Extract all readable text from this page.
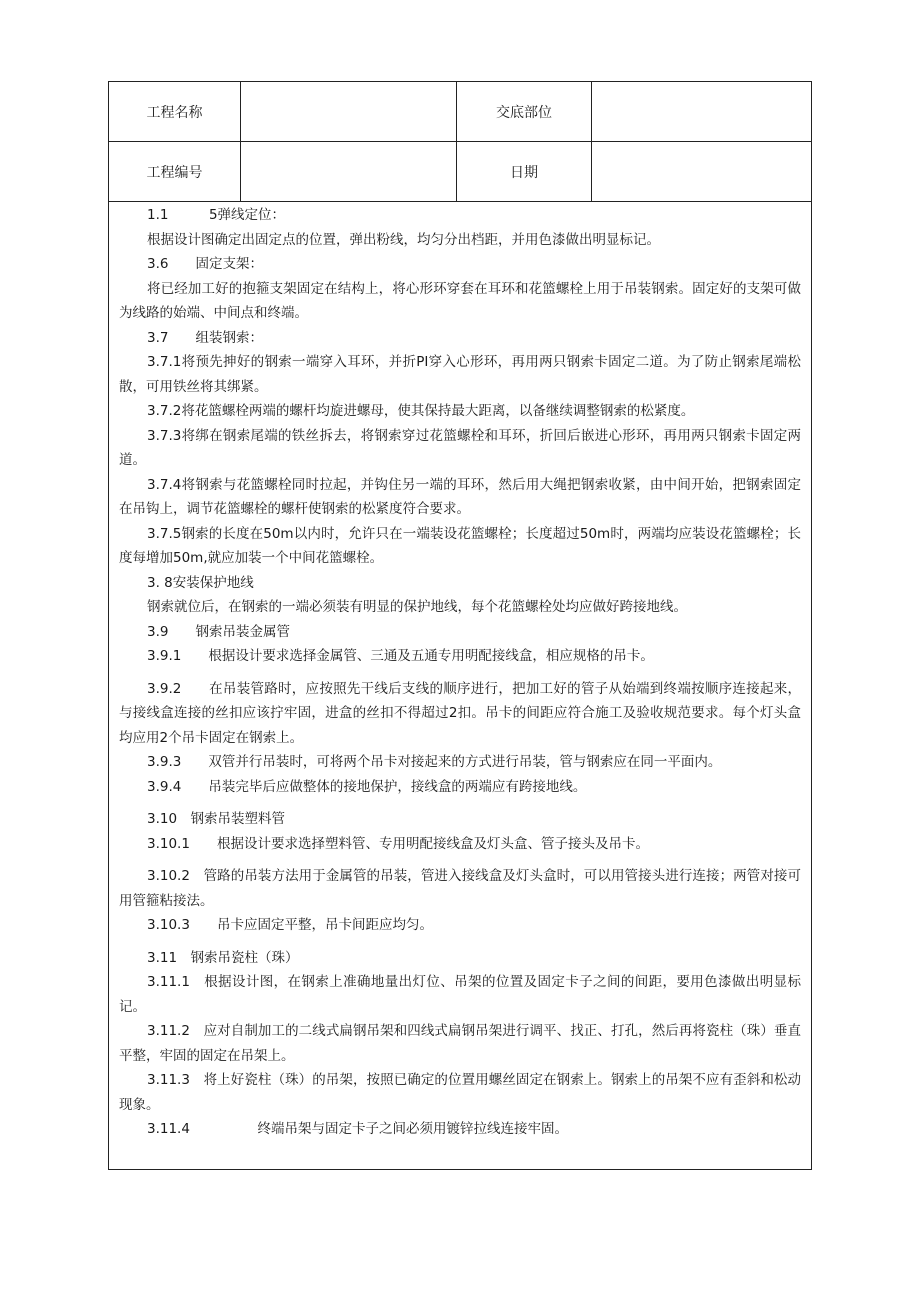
工程名称	交底部位
工程编号	日期

1.1　　　5弹线定位：

根据设计图确定出固定点的位置，弹出粉线，均匀分出档距，并用色漆做出明显标记。

3.6　　固定支架：

将已经加工好的抱箍支架固定在结构上，将心形环穿套在耳环和花篮螺栓上用于吊装钢索。固定好的支架可做为线路的始端、中间点和终端。

3.7　　组装钢索：

3.7.1将预先抻好的钢索一端穿入耳环，并折PI穿入心形环，再用两只钢索卡固定二道。为了防止钢索尾端松散，可用铁丝将其绑紧。

3.7.2将花篮螺栓两端的螺杆均旋进螺母，使其保持最大距离，以备继续调整钢索的松紧度。

3.7.3将绑在钢索尾端的铁丝拆去，将钢索穿过花篮螺栓和耳环，折回后嵌进心形环，再用两只钢索卡固定两道。

3.7.4将钢索与花篮螺栓同时拉起，并钩住另一端的耳环，然后用大绳把钢索收紧，由中间开始，把钢索固定在吊钩上，调节花篮螺栓的螺杆使钢索的松紧度符合要求。

3.7.5钢索的长度在50m以内时，允许只在一端装设花篮螺栓；长度超过50m时，两端均应装设花篮螺栓；长度每增加50m,就应加装一个中间花篮螺栓。

3. 8安装保护地线

钢索就位后，在钢索的一端必须装有明显的保护地线，每个花篮螺栓处均应做好跨接地线。

3.9　　钢索吊装金属管

3.9.1　　根据设计要求选择金属管、三通及五通专用明配接线盒，相应规格的吊卡。

3.9.2　　在吊装管路时，应按照先干线后支线的顺序进行，把加工好的管子从始端到终端按顺序连接起来，与接线盒连接的丝扣应该拧牢固，进盒的丝扣不得超过2扣。吊卡的间距应符合施工及验收规范要求。每个灯头盒均应用2个吊卡固定在钢索上。

3.9.3　　双管并行吊装时，可将两个吊卡对接起来的方式进行吊装，管与钢索应在同一平面内。

3.9.4　　吊装完毕后应做整体的接地保护，接线盒的两端应有跨接地线。

3.10　钢索吊装塑料管

3.10.1　　根据设计要求选择塑料管、专用明配接线盒及灯头盒、管子接头及吊卡。

3.10.2　管路的吊装方法用于金属管的吊装，管进入接线盒及灯头盒时，可以用管接头进行连接；两管对接可用管箍粘接法。

3.10.3　　吊卡应固定平整，吊卡间距应均匀。

3.11　钢索吊瓷柱（珠）

3.11.1　根据设计图，在钢索上准确地量出灯位、吊架的位置及固定卡子之间的间距，要用色漆做出明显标记。

3.11.2　应对自制加工的二线式扁钢吊架和四线式扁钢吊架进行调平、找正、打孔，然后再将瓷柱（珠）垂直平整，牢固的固定在吊架上。

3.11.3　将上好瓷柱（珠）的吊架，按照已确定的位置用螺丝固定在钢索上。钢索上的吊架不应有歪斜和松动现象。

3.11.4　　　　　终端吊架与固定卡子之间必须用镀锌拉线连接牢固。
